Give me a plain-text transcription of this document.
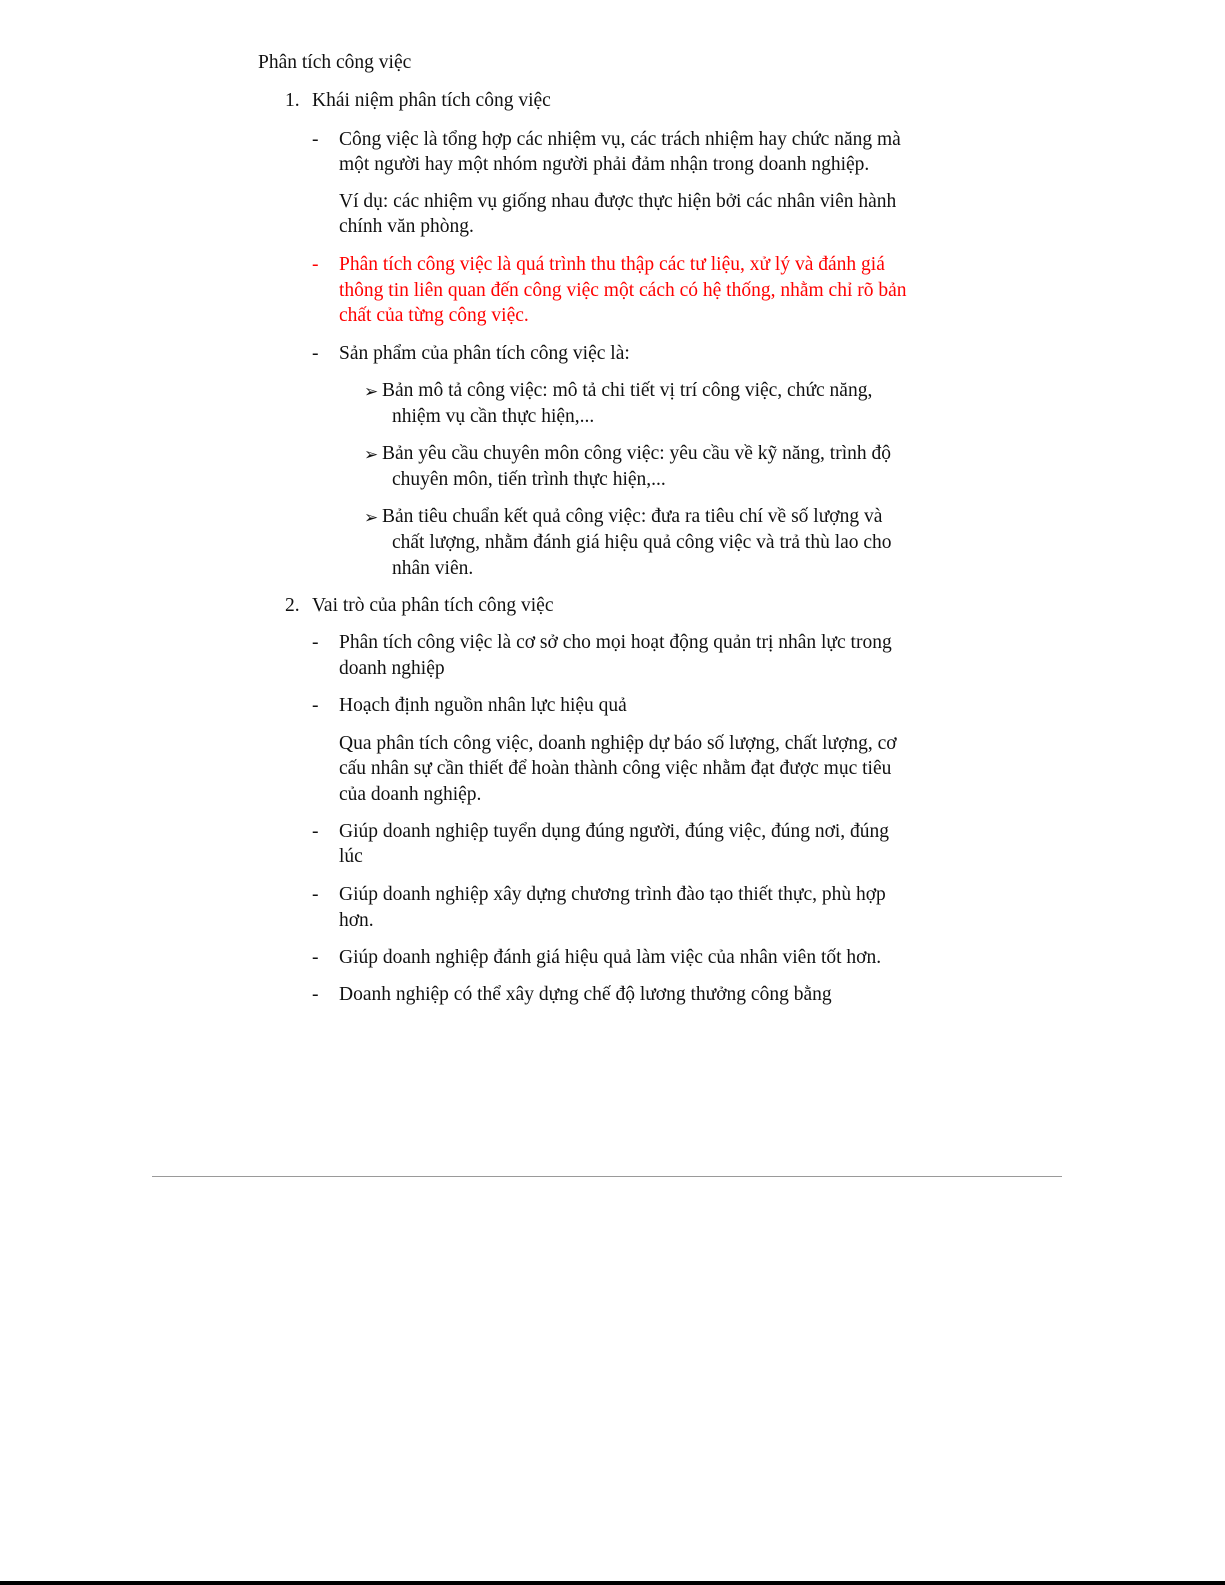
Phân tích công việc
1. Khái niệm phân tích công việc
- Công việc là tổng hợp các nhiệm vụ, các trách nhiệm hay chức năng mà
một người hay một nhóm người phải đảm nhận trong doanh nghiệp.
Ví dụ: các nhiệm vụ giống nhau được thực hiện bởi các nhân viên hành
chính văn phòng.
- Phân tích công việc là quá trình thu thập các tư liệu, xử lý và đánh giá
thông tin liên quan đến công việc một cách có hệ thống, nhằm chỉ rõ bản
chất của từng công việc.
- Sản phẩm của phân tích công việc là:
➢ Bản mô tả công việc: mô tả chi tiết vị trí công việc, chức năng,
nhiệm vụ cần thực hiện,...
➢ Bản yêu cầu chuyên môn công việc: yêu cầu về kỹ năng, trình độ
chuyên môn, tiến trình thực hiện,...
➢ Bản tiêu chuẩn kết quả công việc: đưa ra tiêu chí về số lượng và
chất lượng, nhằm đánh giá hiệu quả công việc và trả thù lao cho
nhân viên.
2. Vai trò của phân tích công việc
- Phân tích công việc là cơ sở cho mọi hoạt động quản trị nhân lực trong
doanh nghiệp
- Hoạch định nguồn nhân lực hiệu quả
Qua phân tích công việc, doanh nghiệp dự báo số lượng, chất lượng, cơ
cấu nhân sự cần thiết để hoàn thành công việc nhằm đạt được mục tiêu
của doanh nghiệp.
- Giúp doanh nghiệp tuyển dụng đúng người, đúng việc, đúng nơi, đúng
lúc
- Giúp doanh nghiệp xây dựng chương trình đào tạo thiết thực, phù hợp
hơn.
- Giúp doanh nghiệp đánh giá hiệu quả làm việc của nhân viên tốt hơn.
- Doanh nghiệp có thể xây dựng chế độ lương thưởng công bằng
